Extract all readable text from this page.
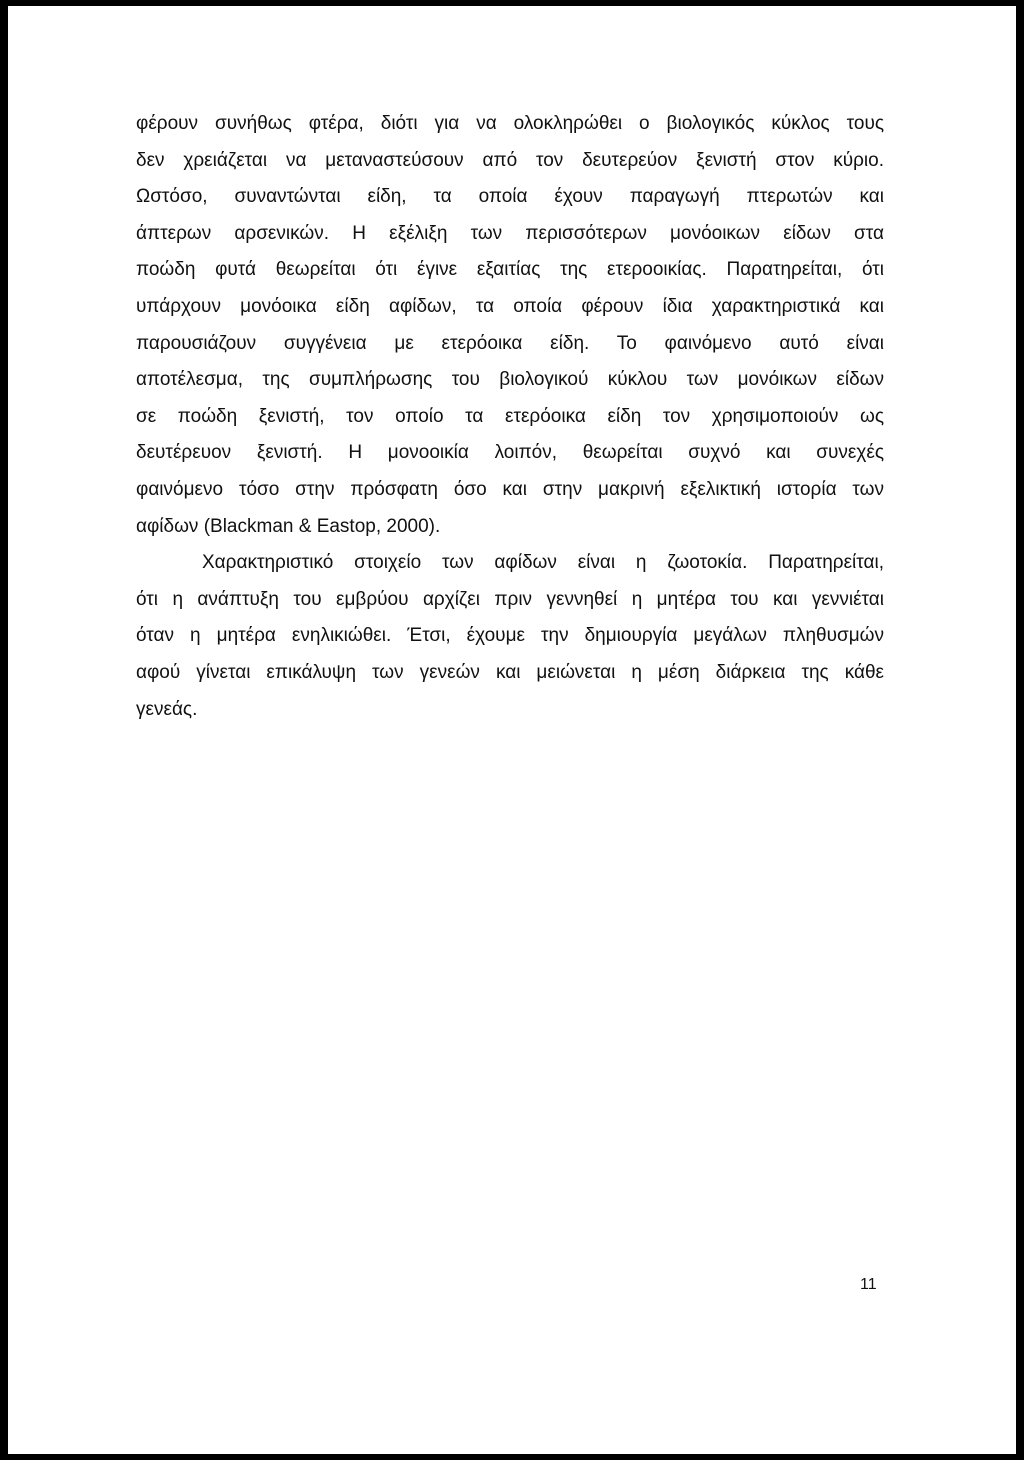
φέρουν συνήθως φτέρα, διότι για να ολοκληρώθει ο βιολογικός κύκλος τους
δεν χρειάζεται να μεταναστεύσουν από τον δευτερεύον ξενιστή στον κύριο.
Ωστόσο, συναντώνται είδη, τα οποία έχουν παραγωγή πτερωτών και
άπτερων αρσενικών. Η εξέλιξη των περισσότερων μονόοικων είδων στα
ποώδη φυτά θεωρείται ότι έγινε εξαιτίας της ετεροοικίας. Παρατηρείται, ότι
υπάρχουν μονόοικα είδη αφίδων, τα οποία φέρουν ίδια χαρακτηριστικά και
παρουσιάζουν συγγένεια με ετερόοικα είδη. Το φαινόμενο αυτό είναι
αποτέλεσμα, της συμπλήρωσης του βιολογικού κύκλου των μονόικων είδων
σε ποώδη ξενιστή, τον οποίο τα ετερόοικα είδη τον χρησιμοποιούν ως
δευτέρευον ξενιστή. Η μονοοικία λοιπόν, θεωρείται συχνό και συνεχές
φαινόμενο τόσο στην πρόσφατη όσο και στην μακρινή εξελικτική ιστορία των
αφίδων (Blackman & Eastop, 2000).
Χαρακτηριστικό στοιχείο των αφίδων είναι η ζωοτοκία. Παρατηρείται,
ότι η ανάπτυξη του εμβρύου αρχίζει πριν γεννηθεί η μητέρα του και γεννιέται
όταν η μητέρα ενηλικιώθει. Έτσι, έχουμε την δημιουργία μεγάλων πληθυσμών
αφού γίνεται επικάλυψη των γενεών και μειώνεται η μέση διάρκεια της κάθε
γενεάς.
11
